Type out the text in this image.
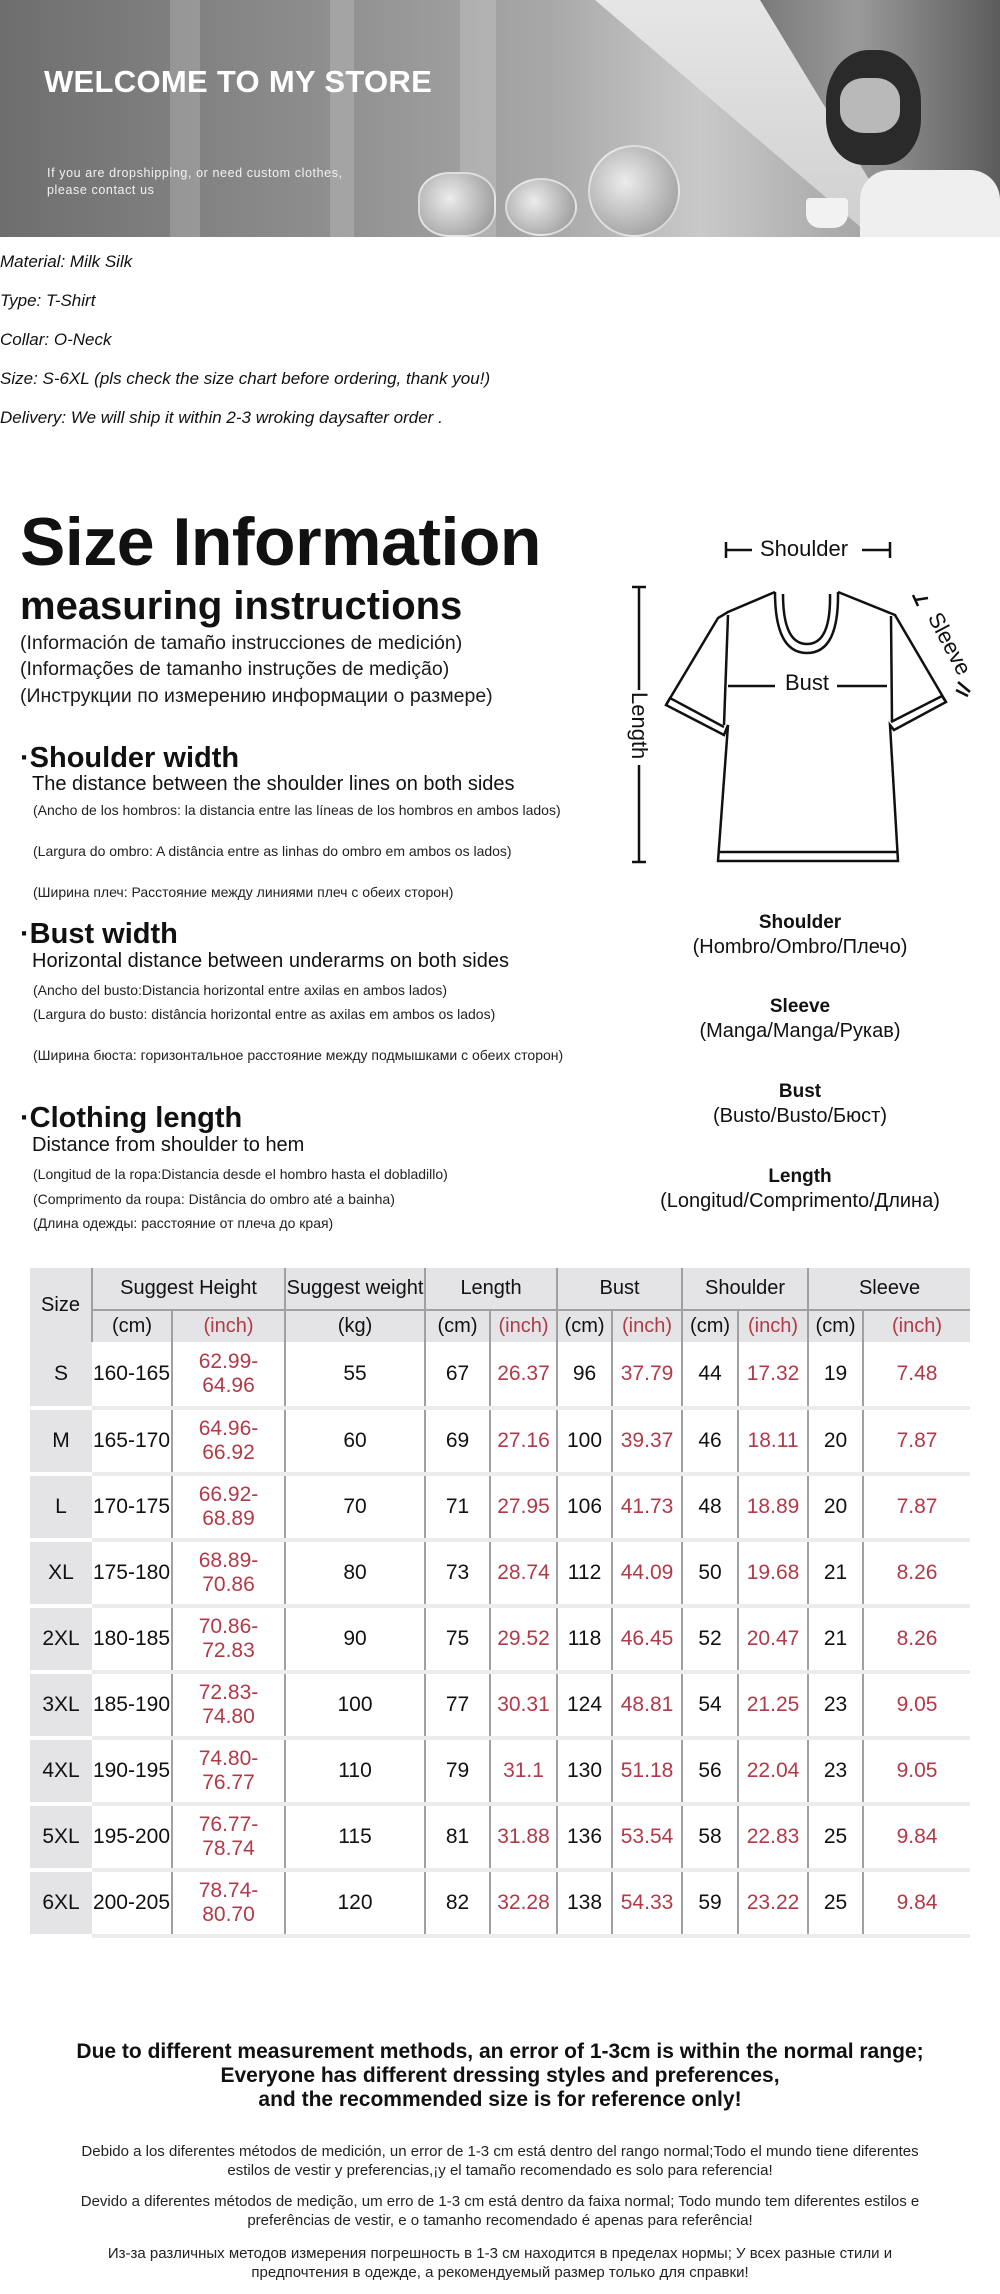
WELCOME TO MY STORE
If you are dropshipping, or need custom clothes,
please contact us
Material: Milk Silk
Type: T-Shirt
Collar: O-Neck
Size: S-6XL (pls check the size chart before ordering, thank you!)
Delivery: We will ship it within 2-3 wroking daysafter order .
Size Information
measuring instructions
(Información de tamaño instrucciones de medición)
(Informações de tamanho instruções de medição)
(Инструкции по измерению информации о размере)
·Shoulder width
The distance between the shoulder lines on both sides
(Ancho de los hombros: la distancia entre las líneas de los hombros en ambos lados)
(Largura do ombro: A distância entre as linhas do ombro em ambos os lados)
(Ширина плеч: Расстояние между линиями плеч с обеих сторон)
·Bust width
Horizontal distance between underarms on both sides
(Ancho del busto:Distancia horizontal entre axilas en ambos lados)
(Largura do busto: distância horizontal entre as axilas em ambos os lados)
(Ширина бюста: горизонтальное расстояние между подмышками с обеих сторон)
·Clothing length
Distance from shoulder to hem
(Longitud de la ropa:Distancia desde el hombro hasta el dobladillo)
(Comprimento da roupa: Distância do ombro até a bainha)
(Длина одежды: расстояние от плеча до края)
Shoulder
Bust
Length
Sleeve
Shoulder
(Hombro/Ombro/Плечо)
Sleeve
(Manga/Manga/Рукав)
Bust
(Busto/Busto/Бюст)
Length
(Longitud/Comprimento/Длина)
Size	Suggest Height		Suggest weight	Length		Bust		Shoulder		Sleeve	
	(cm)	(inch)	(kg)	(cm)	(inch)	(cm)	(inch)	(cm)	(inch)	(cm)	(inch)
S	160-165	62.99-64.96	55	67	26.37	96	37.79	44	17.32	19	7.48
M	165-170	64.96-66.92	60	69	27.16	100	39.37	46	18.11	20	7.87
L	170-175	66.92-68.89	70	71	27.95	106	41.73	48	18.89	20	7.87
XL	175-180	68.89-70.86	80	73	28.74	112	44.09	50	19.68	21	8.26
2XL	180-185	70.86-72.83	90	75	29.52	118	46.45	52	20.47	21	8.26
3XL	185-190	72.83-74.80	100	77	30.31	124	48.81	54	21.25	23	9.05
4XL	190-195	74.80-76.77	110	79	31.1	130	51.18	56	22.04	23	9.05
5XL	195-200	76.77-78.74	115	81	31.88	136	53.54	58	22.83	25	9.84
6XL	200-205	78.74-80.70	120	82	32.28	138	54.33	59	23.22	25	9.84
Due to different measurement methods, an error of 1-3cm is within the normal range;
Everyone has different dressing styles and preferences,
and the recommended size is for reference only!
Debido a los diferentes métodos de medición, un error de 1-3 cm está dentro del rango normal;Todo el mundo tiene diferentes estilos de vestir y preferencias,¡y el tamaño recomendado es solo para referencia!
Devido a diferentes métodos de medição, um erro de 1-3 cm está dentro da faixa normal; Todo mundo tem diferentes estilos e preferências de vestir, e o tamanho recomendado é apenas para referência!
Из-за различных методов измерения погрешность в 1-3 см находится в пределах нормы; У всех разные стили и предпочтения в одежде, а рекомендуемый размер только для справки!
